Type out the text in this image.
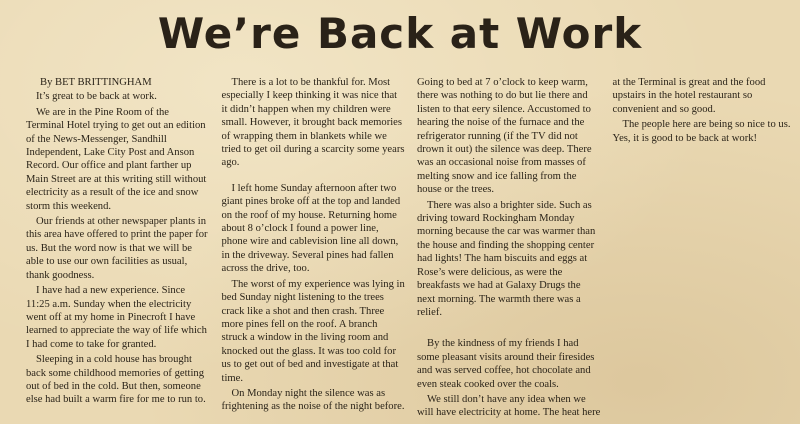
We’re Back at Work

By BET BRITTINGHAM

It’s great to be back at work.

We are in the Pine Room of the Terminal Hotel trying to get out an edition of the News-Messenger, Sandhill Independent, Lake City Post and Anson Record. Our office and plant farther up Main Street are at this writing still without electricity as a result of the ice and snow storm this weekend.

Our friends at other newspaper plants in this area have offered to print the paper for us. But the word now is that we will be able to use our own facilities as usual, thank goodness.

I have had a new experience. Since 11:25 a.m. Sunday when the electricity went off at my home in Pinecroft I have learned to appreciate the way of life which I had come to take for granted.

Sleeping in a cold house has brought back some childhood memories of getting out of bed in the cold. But then, someone else had built a warm fire for me to run to.

There is a lot to be thankful for. Most especially I keep thinking it was nice that it didn’t happen when my children were small. However, it brought back memories of wrapping them in blankets while we tried to get oil during a scarcity some years ago.

I left home Sunday afternoon after two giant pines broke off at the top and landed on the roof of my house. Returning home about 8 o’clock I found a power line, phone wire and cablevision line all down, in the driveway. Several pines had fallen across the drive, too.

The worst of my experience was lying in bed Sunday night listening to the trees crack like a shot and then crash. Three more pines fell on the roof. A branch struck a window in the living room and knocked out the glass. It was too cold for us to get out of bed and investigate at that time.

On Monday night the silence was as frightening as the noise of the night before. Going to bed at 7 o’clock to keep warm, there was nothing to do but lie there and listen to that eery silence. Accustomed to hearing the noise of the furnace and the refrigerator running (if the TV did not drown it out) the silence was deep. There was an occasional noise from masses of melting snow and ice falling from the house or the trees.

There was also a brighter side. Such as driving toward Rockingham Monday morning because the car was warmer than the house and finding the shopping center had lights! The ham biscuits and eggs at Rose’s were delicious, as were the breakfasts we had at Galaxy Drugs the next morning. The warmth there was a relief.

By the kindness of my friends I had some pleasant visits around their firesides and was served coffee, hot chocolate and even steak cooked over the coals.

We still don’t have any idea when we will have electricity at home. The heat here at the Terminal is great and the food upstairs in the hotel restaurant so convenient and so good.

The people here are being so nice to us. Yes, it is good to be back at work!
